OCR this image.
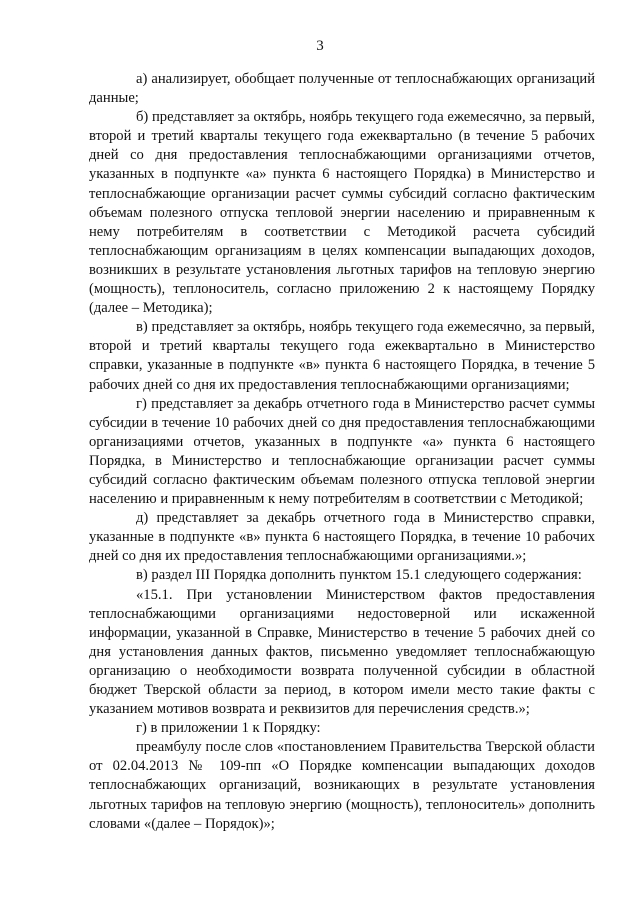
3

а) анализирует, обобщает полученные от теплоснабжающих организаций данные;

б) представляет за октябрь, ноябрь текущего года ежемесячно, за первый, второй и третий кварталы текущего года ежеквартально (в течение 5 рабочих дней со дня предоставления теплоснабжающими организациями отчетов, указанных в подпункте «а» пункта 6 настоящего Порядка) в Министерство и теплоснабжающие организации расчет суммы субсидий согласно фактическим объемам полезного отпуска тепловой энергии населению и приравненным к нему потребителям в соответствии с Методикой расчета субсидий теплоснабжающим организациям в целях компенсации выпадающих доходов, возникших в результате установления льготных тарифов на тепловую энергию (мощность), теплоноситель, согласно приложению 2 к настоящему Порядку (далее – Методика);

в) представляет за октябрь, ноябрь текущего года ежемесячно, за первый, второй и третий кварталы текущего года ежеквартально в Министерство справки, указанные в подпункте «в» пункта 6 настоящего Порядка, в течение 5 рабочих дней со дня их предоставления теплоснабжающими организациями;

г) представляет за декабрь отчетного года в Министерство расчет суммы субсидии в течение 10 рабочих дней со дня предоставления теплоснабжающими организациями отчетов, указанных в подпункте «а» пункта 6 настоящего Порядка, в Министерство и теплоснабжающие организации расчет суммы субсидий согласно фактическим объемам полезного отпуска тепловой энергии населению и приравненным к нему потребителям в соответствии с Методикой;

д) представляет за декабрь отчетного года в Министерство справки, указанные в подпункте «в» пункта 6 настоящего Порядка, в течение 10 рабочих дней со дня их предоставления теплоснабжающими организациями.»;

в) раздел III Порядка дополнить пунктом 15.1 следующего содержания:

«15.1. При установлении Министерством фактов предоставления теплоснабжающими организациями недостоверной или искаженной информации, указанной в Справке, Министерство в течение 5 рабочих дней со дня установления данных фактов, письменно уведомляет теплоснабжающую организацию о необходимости возврата полученной субсидии в областной бюджет Тверской области за период, в котором имели место такие факты с указанием мотивов возврата и реквизитов для перечисления средств.»;

г) в приложении 1 к Порядку:

преамбулу после слов «постановлением Правительства Тверской области от 02.04.2013 № 109-пп «О Порядке компенсации выпадающих доходов теплоснабжающих организаций, возникающих в результате установления льготных тарифов на тепловую энергию (мощность), теплоноситель» дополнить словами «(далее – Порядок)»;
